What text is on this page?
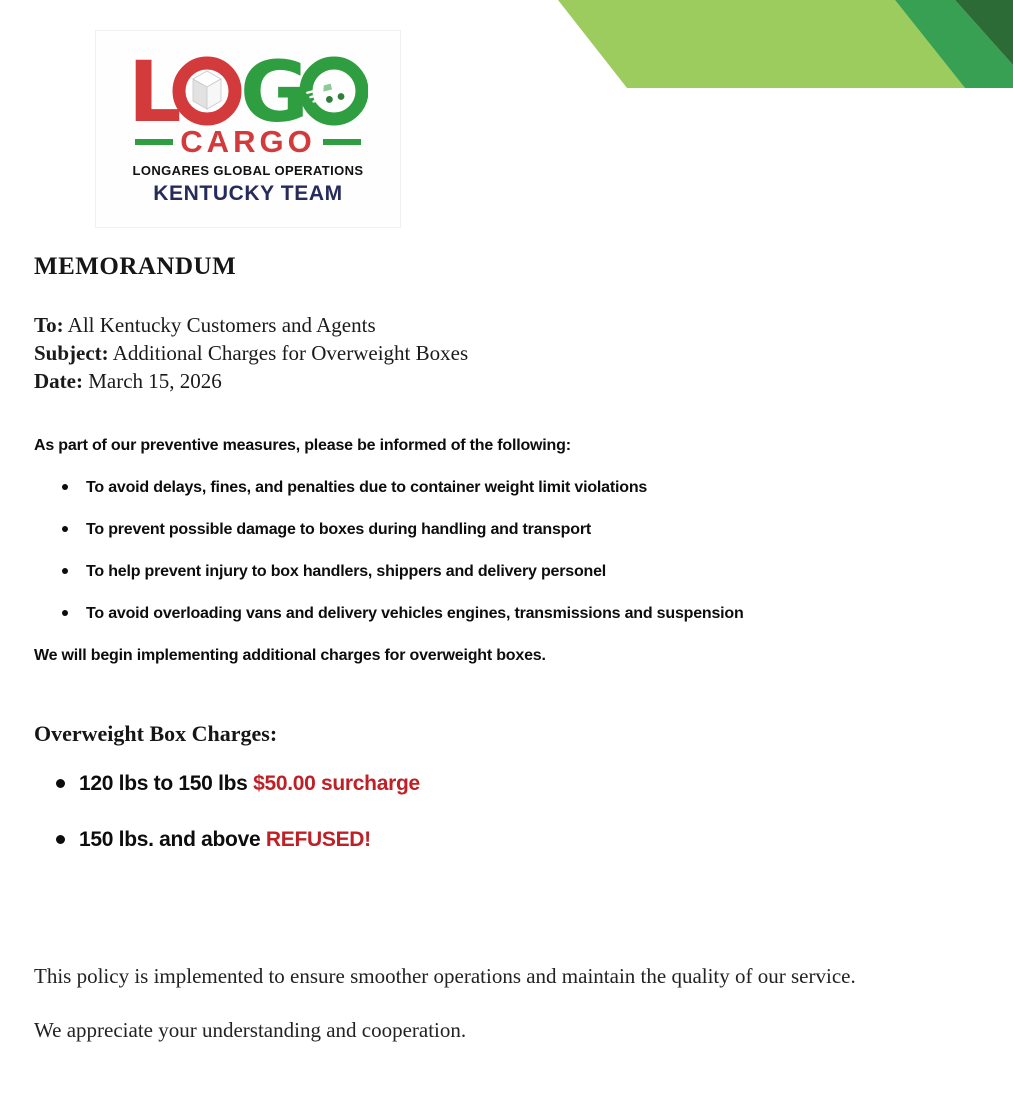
L G
CARGO
LONGARES GLOBAL OPERATIONS
KENTUCKY TEAM
MEMORANDUM

To: All Kentucky Customers and Agents

Subject: Additional Charges for Overweight Boxes

Date: March 15, 2026

As part of our preventive measures, please be informed of the following:

To avoid delays, fines, and penalties due to container weight limit violations
To prevent possible damage to boxes during handling and transport
To help prevent injury to box handlers, shippers and delivery personel
To avoid overloading vans and delivery vehicles engines, transmissions and suspension

We will begin implementing additional charges for overweight boxes.

Overweight Box Charges:
120 lbs to 150 lbs $50.00 surcharge
150 lbs. and above REFUSED!

This policy is implemented to ensure smoother operations and maintain the quality of our service.

We appreciate your understanding and cooperation.
